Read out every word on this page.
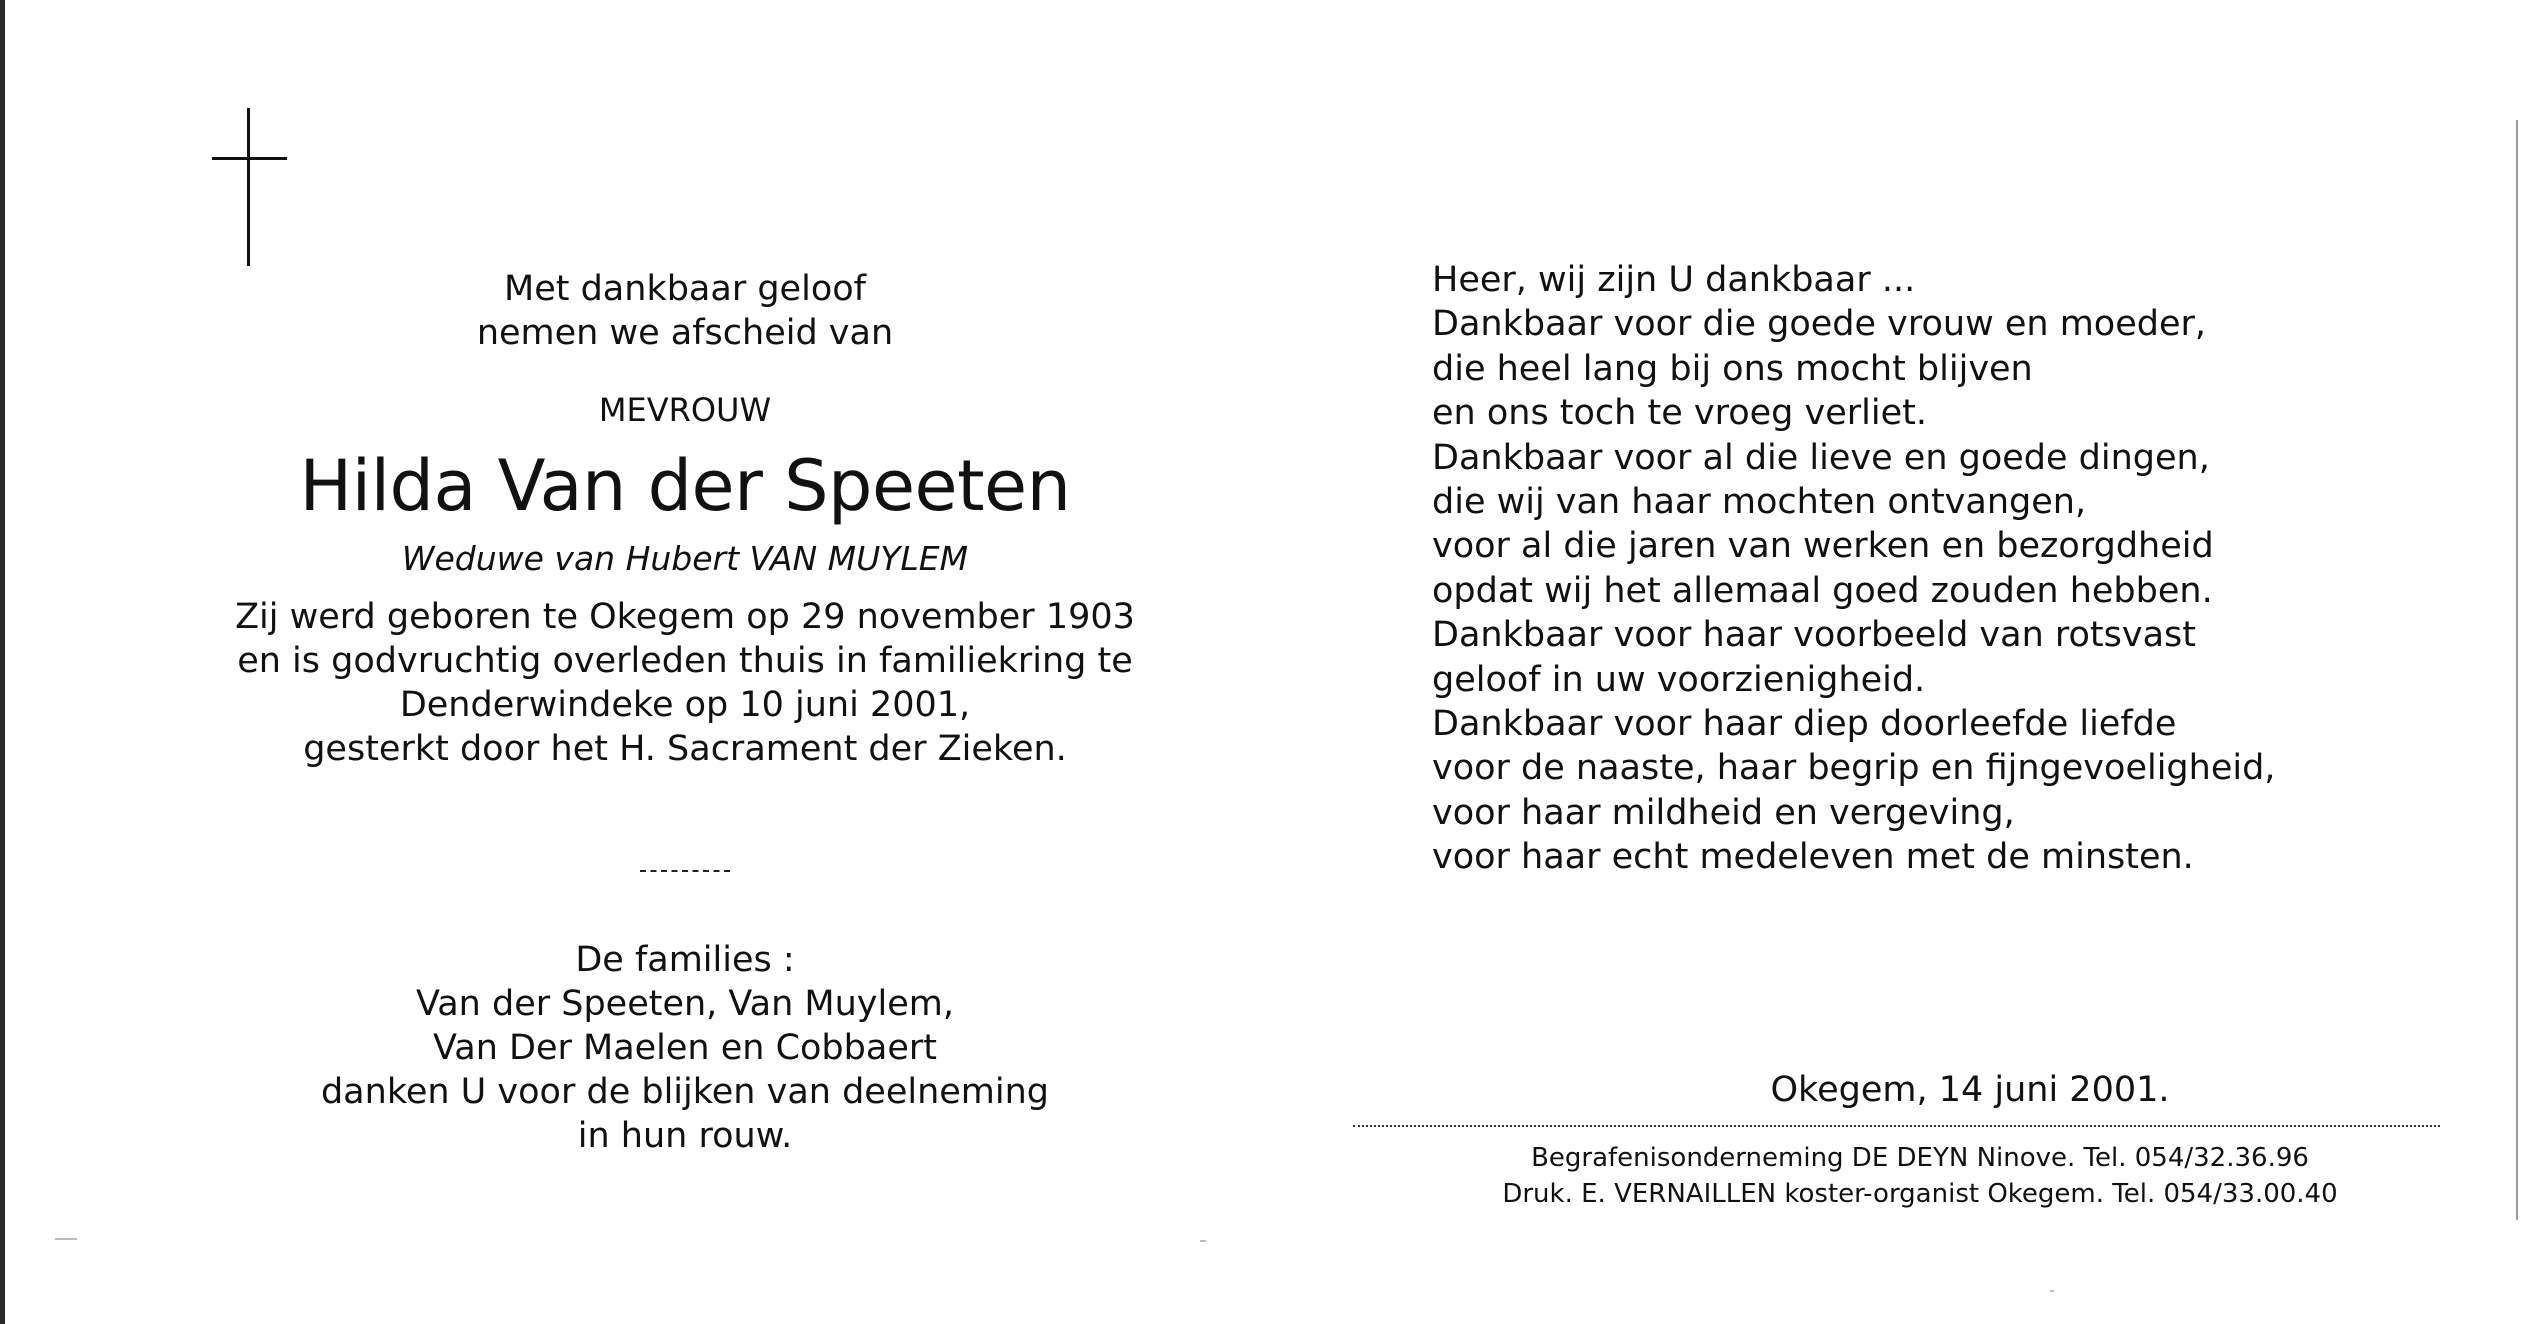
Met dankbaar geloof
nemen we afscheid van
MEVROUW
Hilda Van der Speeten
Weduwe van Hubert VAN MUYLEM
Zij werd geboren te Okegem op 29 november 1903
en is godvruchtig overleden thuis in familiekring te
Denderwindeke op 10 juni 2001,
gesterkt door het H. Sacrament der Zieken.
De families :
Van der Speeten, Van Muylem,
Van Der Maelen en Cobbaert
danken U voor de blijken van deelneming
in hun rouw.
Heer, wij zijn U dankbaar ...
Dankbaar voor die goede vrouw en moeder,
die heel lang bij ons mocht blijven
en ons toch te vroeg verliet.
Dankbaar voor al die lieve en goede dingen,
die wij van haar mochten ontvangen,
voor al die jaren van werken en bezorgdheid
opdat wij het allemaal goed zouden hebben.
Dankbaar voor haar voorbeeld van rotsvast
geloof in uw voorzienigheid.
Dankbaar voor haar diep doorleefde liefde
voor de naaste, haar begrip en fijngevoeligheid,
voor haar mildheid en vergeving,
voor haar echt medeleven met de minsten.
Okegem, 14 juni 2001.
Begrafenisonderneming DE DEYN Ninove. Tel. 054/32.36.96
Druk. E. VERNAILLEN koster-organist Okegem. Tel. 054/33.00.40
